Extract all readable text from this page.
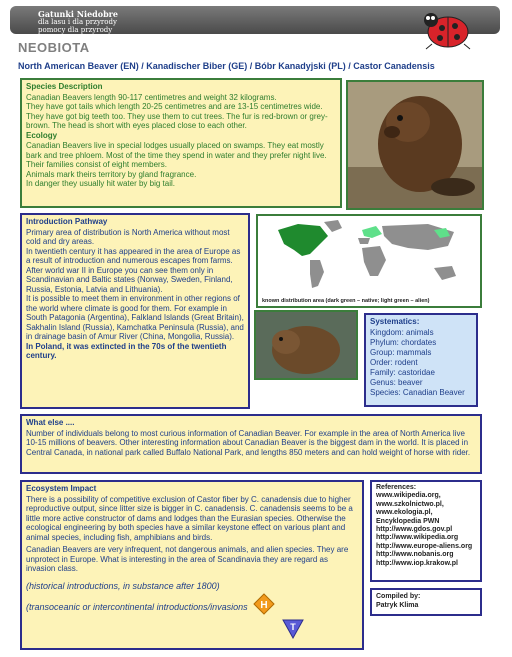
Gatunki Niedobre
dla lasu i dla przyrody
pomocy dla przyrody
NEOBIOTA
North American Beaver (EN) / Kanadischer Biber (GE) / Bóbr Kanadyjski (PL) / Castor Canadensis
Species Description

Canadian Beavers length 90-117 centimetres and weight 32 kilograms.

They have got tails which length 20-25 centimetres and are 13-15 centimetres wide. They have got big teeth too. They use them to cut trees. The fur is red-brown or grey-brown. The head is short with eyes placed close to each other.

Ecology

Canadian Beavers live in special lodges usually placed on swamps. They eat mostly bark and tree phloem. Most of the time they spend in water and they prefer night live. Their families consist of eight members.

Animals mark theirs territory by gland fragrance.

In danger they usually hit water by big tail.

Introduction Pathway

Primary area of distribution is North America without most cold and dry areas.

In twentieth century it has appeared in the area of Europe as a result of introduction and numerous escapes from farms.

After world war II in Europe you can see them only in Scandinavian and Baltic states (Norway, Sweden, Finland, Russia, Estonia, Latvia and Lithuania).

It is possible to meet them in environment in other regions of the world where climate is good for them. For example in South Patagonia (Argentina), Falkland Islands (Great Britain), Sakhalin Island (Russia), Kamchatka Peninsula (Russia), and in drainage basin of Amur River (China, Mongolia, Russia).

In Poland, it was extincted in the 70s of the twentieth century.

known distribution area (dark green – native; light green – alien)
Systematics:

Kingdom: animals

Phylum: chordates

Group: mammals

Order: rodent

Family: castoridae

Genus: beaver

Species: Canadian Beaver

What else ....

Number of individuals belong to most curious information of Canadian Beaver. For example in the area of North America live 10-15 millions of beavers. Other interesting information about Canadian Beaver is the biggest dam in the world. It is placed in Central Canada, in national park called Buffalo National Park, and lengths 850 meters and can hold weight of horse with rider.

Ecosystem Impact

There is a possibility of competitive exclusion of Castor fiber by C. canadensis due to higher reproductive output, since litter size is bigger in C. canadensis. C. canadensis seems to be a little more active constructor of dams and lodges than the Eurasian species. Otherwise the ecological engineering by both species have a similar keystone effect on various plant and animal species, including fish, amphibians and birds.

Canadian Beavers are very infrequent, not dangerous animals, and alien species. They are unprotect in Europe. What is interesting in the area of Scandinavia they are regard as invasion class.

(historical introductions, in substance after 1800)

(transoceanic or intercontinental introductions/invasions	H
T

References:

www.wikipedia.org,

www.szkolnictwo.pl,

www.ekologia.pl,

Encyklopedia PWN

http://www.gdos.gov.pl

http://www.wikipedia.org

http://www.europe-aliens.org

http://www.nobanis.org

http://www.iop.krakow.pl

Compiled by:

Patryk Klima
